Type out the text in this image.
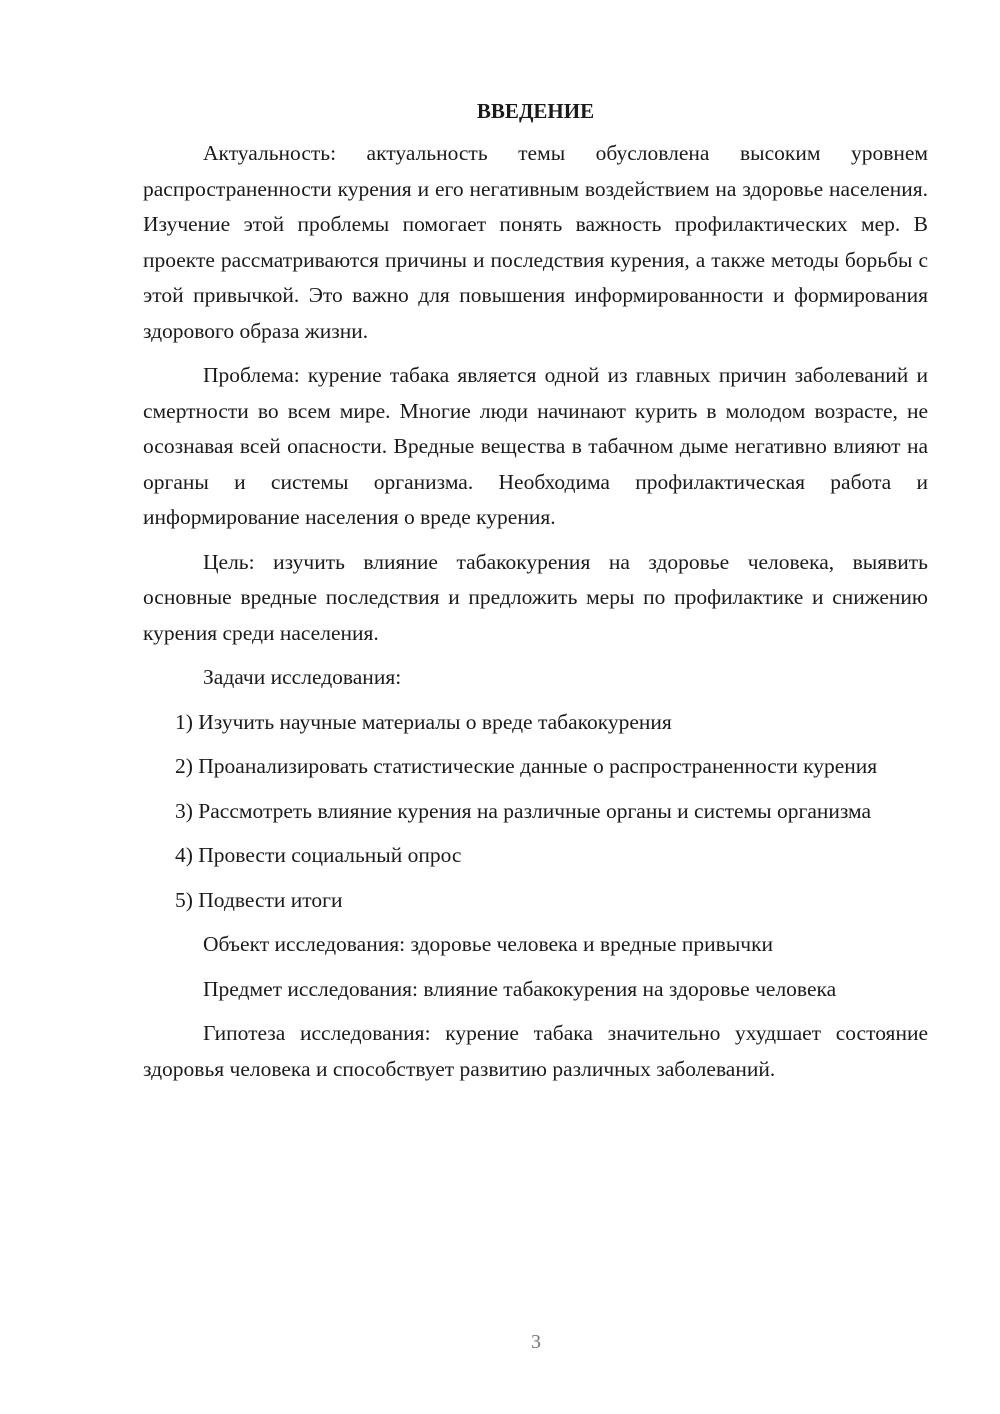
ВВЕДЕНИЕ

Актуальность: актуальность темы обусловлена высоким уровнем распространенности курения и его негативным воздействием на здоровье населения. Изучение этой проблемы помогает понять важность профилактических мер. В проекте рассматриваются причины и последствия курения, а также методы борьбы с этой привычкой. Это важно для повышения информированности и формирования здорового образа жизни.

Проблема: курение табака является одной из главных причин заболеваний и смертности во всем мире. Многие люди начинают курить в молодом возрасте, не осознавая всей опасности. Вредные вещества в табачном дыме негативно влияют на органы и системы организма. Необходима профилактическая работа и информирование населения о вреде курения.

Цель: изучить влияние табакокурения на здоровье человека, выявить основные вредные последствия и предложить меры по профилактике и снижению курения среди населения.

Задачи исследования:

1) Изучить научные материалы о вреде табакокурения

2) Проанализировать статистические данные о распространенности курения

3) Рассмотреть влияние курения на различные органы и системы организма

4) Провести социальный опрос

5) Подвести итоги

Объект исследования: здоровье человека и вредные привычки

Предмет исследования: влияние табакокурения на здоровье человека

Гипотеза исследования: курение табака значительно ухудшает состояние здоровья человека и способствует развитию различных заболеваний.

3
